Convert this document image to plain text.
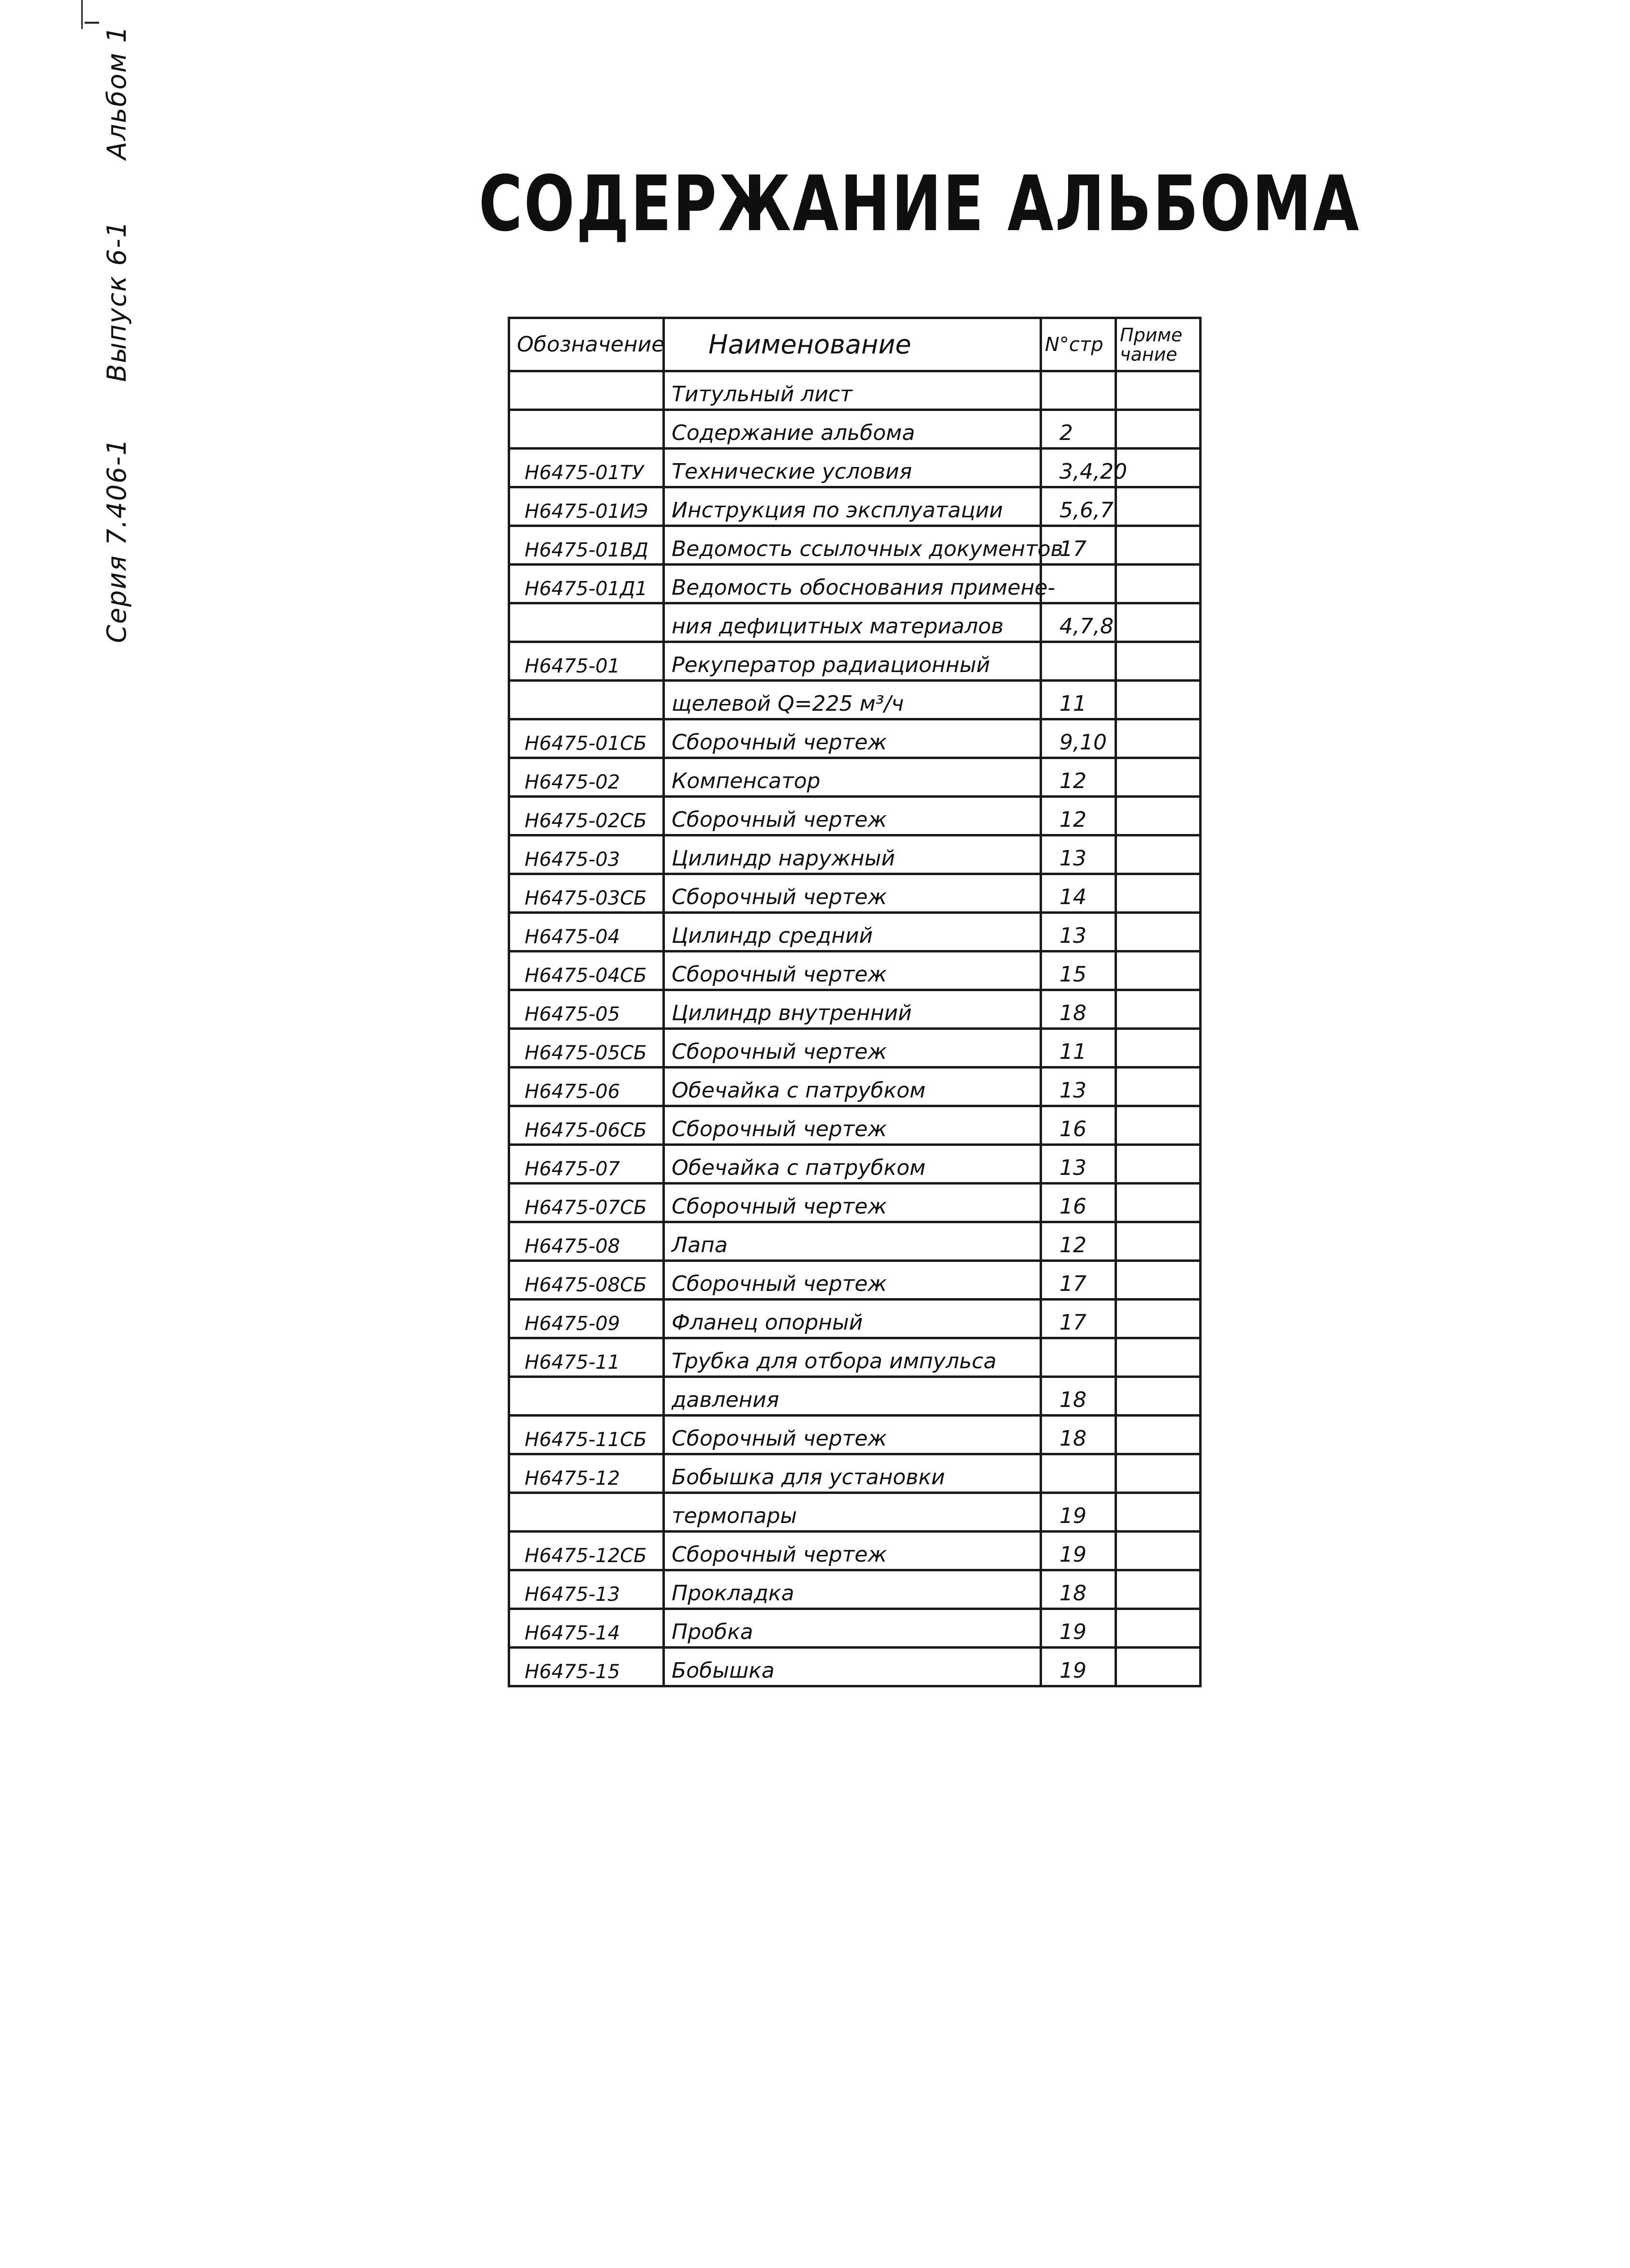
Альбом 1
Выпуск 6-1
Серия 7.406-1
СОДЕРЖАНИЕ АЛЬБОМА
Обозначение	Наименование	N°стр	Приме чание
	Титульный лист		
	Содержание альбома	2	
Н6475-01ТУ	Технические условия	3,4,20	
Н6475-01ИЭ	Инструкция по эксплуатации	5,6,7	
Н6475-01ВД	Ведомость ссылочных документов	17	
Н6475-01Д1	Ведомость обоснования примене-		
	ния дефицитных материалов	4,7,8	
Н6475-01	Рекуператор радиационный		
	щелевой Q=225 м³/ч	11	
Н6475-01СБ	Сборочный чертеж	9,10	
Н6475-02	Компенсатор	12	
Н6475-02СБ	Сборочный чертеж	12	
Н6475-03	Цилиндр наружный	13	
Н6475-03СБ	Сборочный чертеж	14	
Н6475-04	Цилиндр средний	13	
Н6475-04СБ	Сборочный чертеж	15	
Н6475-05	Цилиндр внутренний	18	
Н6475-05СБ	Сборочный чертеж	11	
Н6475-06	Обечайка с патрубком	13	
Н6475-06СБ	Сборочный чертеж	16	
Н6475-07	Обечайка с патрубком	13	
Н6475-07СБ	Сборочный чертеж	16	
Н6475-08	Лапа	12	
Н6475-08СБ	Сборочный чертеж	17	
Н6475-09	Фланец опорный	17	
Н6475-11	Трубка для отбора импульса		
	давления	18	
Н6475-11СБ	Сборочный чертеж	18	
Н6475-12	Бобышка для установки		
	термопары	19	
Н6475-12СБ	Сборочный чертеж	19	
Н6475-13	Прокладка	18	
Н6475-14	Пробка	19	
Н6475-15	Бобышка	19	
